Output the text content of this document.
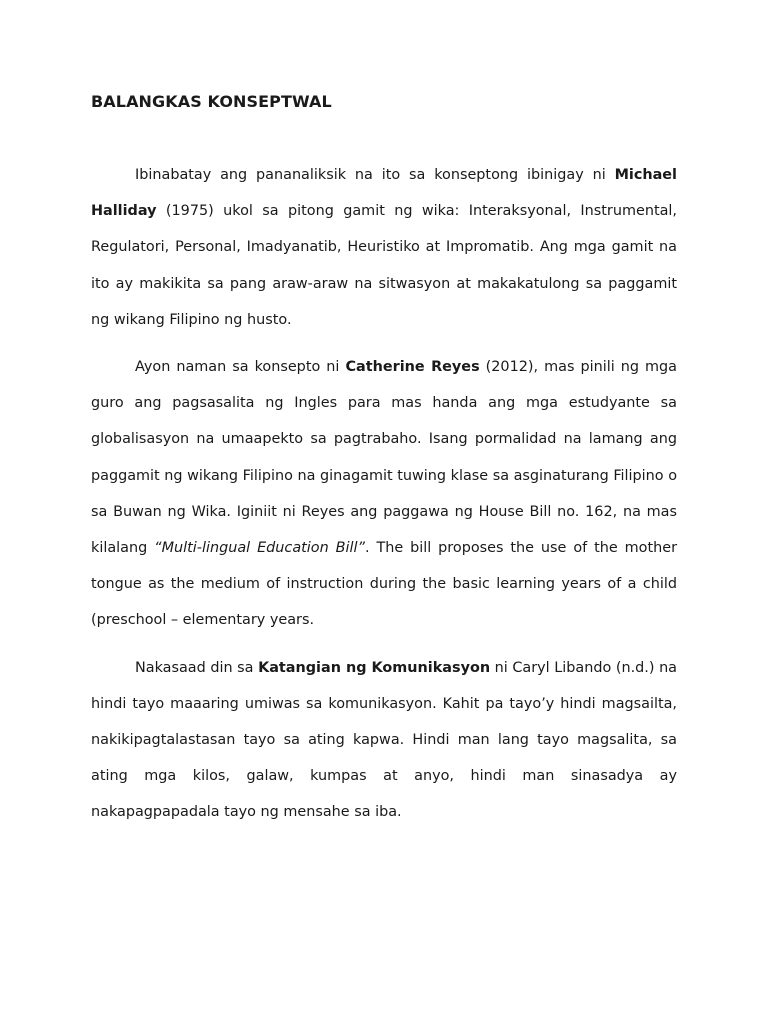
BALANGKAS KONSEPTWAL

Ibinabatay ang pananaliksik na ito sa konseptong ibinigay ni Michael Halliday (1975) ukol sa pitong gamit ng wika: Interaksyonal, Instrumental, Regulatori, Personal, Imadyanatib, Heuristiko at Impromatib. Ang mga gamit na ito ay makikita sa pang araw-araw na sitwasyon at makakatulong sa paggamit ng wikang Filipino ng husto.

Ayon naman sa konsepto ni Catherine Reyes (2012), mas pinili ng mga guro ang pagsasalita ng Ingles para mas handa ang mga estudyante sa globalisasyon na umaapekto sa pagtrabaho. Isang pormalidad na lamang ang paggamit ng wikang Filipino na ginagamit tuwing klase sa asginaturang Filipino o sa Buwan ng Wika. Iginiit ni Reyes ang paggawa ng House Bill no. 162, na mas kilalang “Multi-lingual Education Bill”. The bill proposes the use of the mother tongue as the medium of instruction during the basic learning years of a child (preschool – elementary years.

Nakasaad din sa Katangian ng Komunikasyon ni Caryl Libando (n.d.) na hindi tayo maaaring umiwas sa komunikasyon. Kahit pa tayo’y hindi magsailta, nakikipagtalastasan tayo sa ating kapwa. Hindi man lang tayo magsalita, sa ating mga kilos, galaw, kumpas at anyo, hindi man sinasadya ay nakapagpapadala tayo ng mensahe sa iba.
